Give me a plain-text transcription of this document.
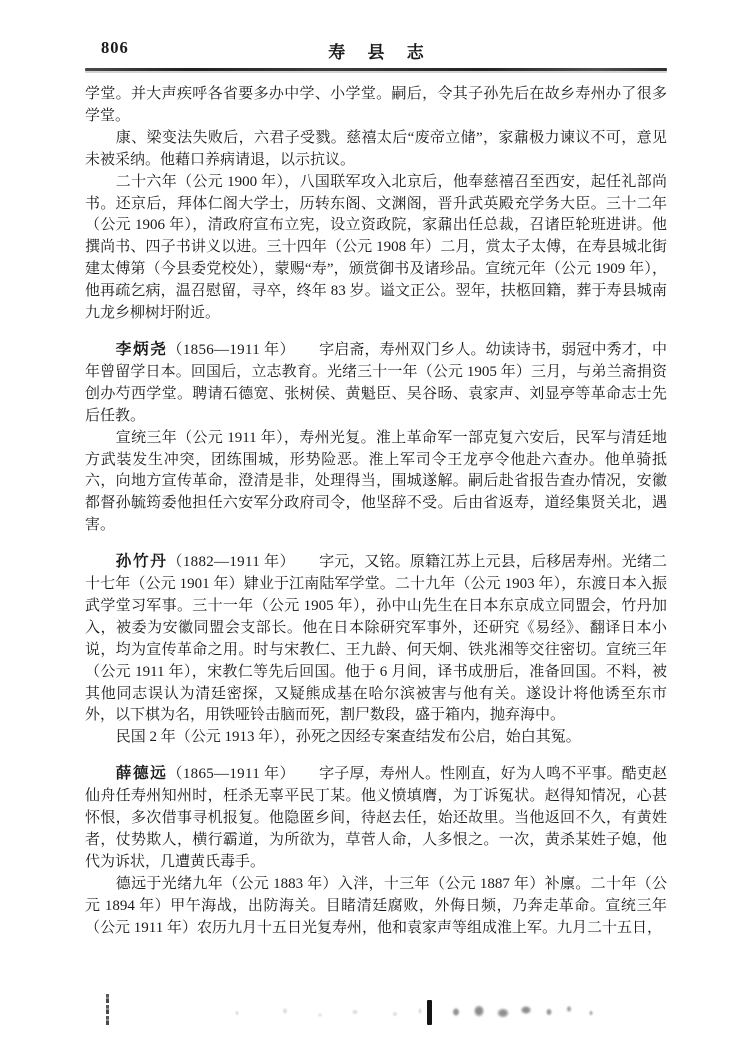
806	寿 县 志

学堂。并大声疾呼各省要多办中学、小学堂。嗣后，令其子孙先后在故乡寿州办了很多学堂。

康、梁变法失败后，六君子受戮。慈禧太后“废帝立储”，家鼐极力谏议不可，意见未被采纳。他藉口养病请退，以示抗议。

二十六年（公元 1900 年），八国联军攻入北京后，他奉慈禧召至西安，起任礼部尚书。还京后，拜体仁阁大学士，历转东阁、文渊阁，晋升武英殿充学务大臣。三十二年（公元 1906 年），清政府宣布立宪，设立资政院，家鼐出任总裁，召诸臣轮班进讲。他撰尚书、四子书讲义以进。三十四年（公元 1908 年）二月，赏太子太傅，在寿县城北街建太傅第（今县委党校处），蒙赐“寿”，颁赏御书及诸珍品。宣统元年（公元 1909 年），他再疏乞病，温召慰留，寻卒，终年 83 岁。谥文正公。翌年，扶柩回籍，葬于寿县城南九龙乡柳树圩附近。

李炳尧（1856—1911 年） 字启斋，寿州双门乡人。幼读诗书，弱冠中秀才，中年曾留学日本。回国后，立志教育。光绪三十一年（公元 1905 年）三月，与弟兰斋捐资创办芍西学堂。聘请石德宽、张树侯、黄魁臣、吴谷旸、袁家声、刘显亭等革命志士先后任教。

宣统三年（公元 1911 年），寿州光复。淮上革命军一部克复六安后，民军与清廷地方武装发生冲突，团练围城，形势险恶。淮上军司令王龙亭令他赴六查办。他单骑抵六，向地方宣传革命，澄清是非，处理得当，围城遂解。嗣后赴省报告查办情况，安徽都督孙毓筠委他担任六安军分政府司令，他坚辞不受。后由省返寿，道经集贤关北，遇害。

孙竹丹（1882—1911 年） 字元，又铭。原籍江苏上元县，后移居寿州。光绪二十七年（公元 1901 年）肄业于江南陆军学堂。二十九年（公元 1903 年），东渡日本入振武学堂习军事。三十一年（公元 1905 年），孙中山先生在日本东京成立同盟会，竹丹加入，被委为安徽同盟会支部长。他在日本除研究军事外，还研究《易经》、翻译日本小说，均为宣传革命之用。时与宋教仁、王九龄、何天炯、铁兆湘等交往密切。宣统三年（公元 1911 年），宋教仁等先后回国。他于 6 月间，译书成册后，准备回国。不料，被其他同志误认为清廷密探，又疑熊成基在哈尔滨被害与他有关。遂设计将他诱至东市外，以下棋为名，用铁哑铃击脑而死，割尸数段，盛于箱内，抛弃海中。

民国 2 年（公元 1913 年），孙死之因经专案查结发布公启，始白其冤。

薛德远（1865—1911 年） 字子厚，寿州人。性刚直，好为人鸣不平事。酷吏赵仙舟任寿州知州时，枉杀无辜平民丁某。他义愤填膺，为丁诉冤状。赵得知情况，心甚怀恨，多次借事寻机报复。他隐匿乡间，待赵去任，始还故里。当他返回不久，有黄姓者，仗势欺人，横行霸道，为所欲为，草菅人命，人多恨之。一次，黄杀某姓子媳，他代为诉状，几遭黄氏毒手。

德远于光绪九年（公元 1883 年）入泮，十三年（公元 1887 年）补廪。二十年（公元 1894 年）甲午海战，出防海关。目睹清廷腐败，外侮日频，乃奔走革命。宣统三年（公元 1911 年）农历九月十五日光复寿州，他和袁家声等组成淮上军。九月二十五日，
